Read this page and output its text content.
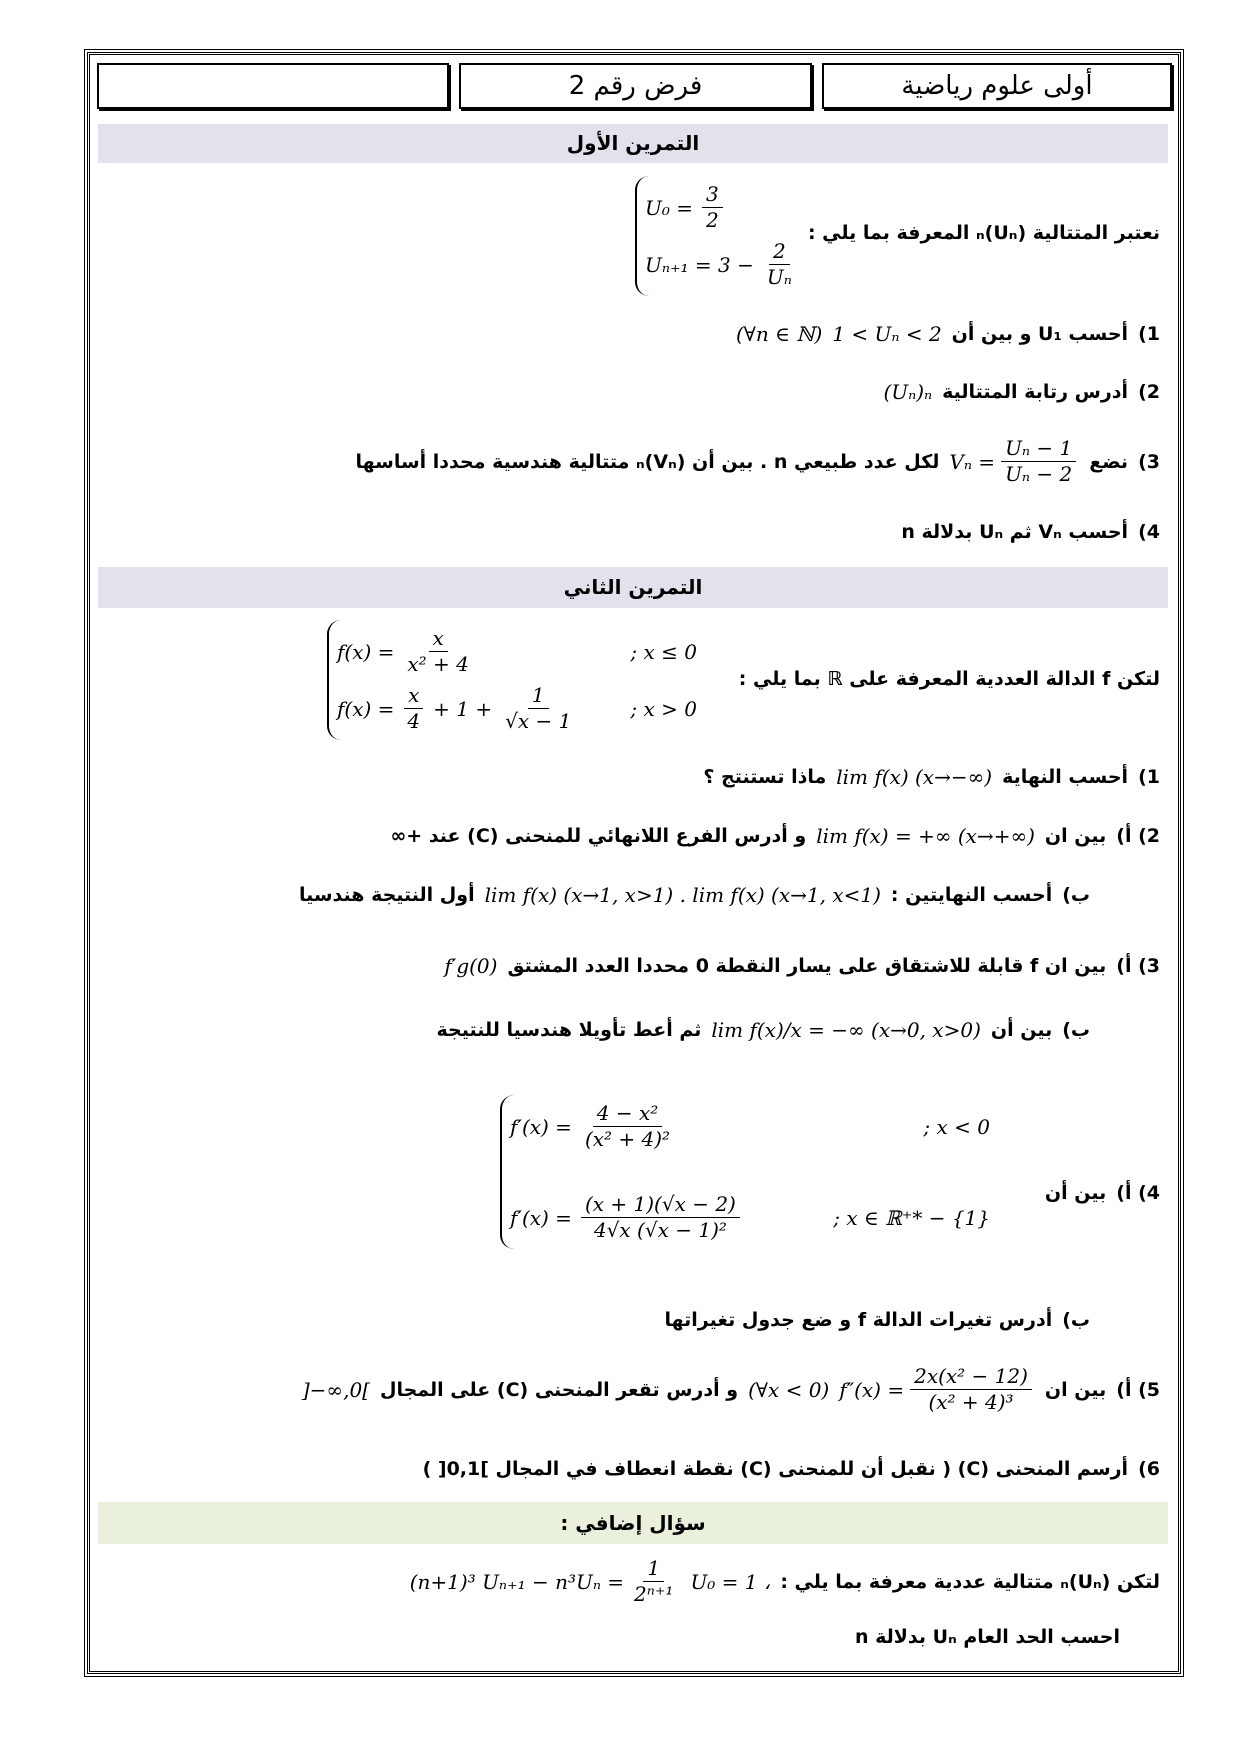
فرض رقم 2	أولى علوم رياضية
التمرين الأول
$U_0 = \frac{3}{2}$
$U_{n+1} = 3 - \frac{2}{\text{Uₙ}}$
نعتبر المتتالية (Uₙ)ₙ المعرفة بما يلي :
1)
أحسب U₁ و بين أن
1 < Uₙ < 2
(∀n ∈ ℕ)
2)
أدرس رتابة المتتالية
(Uₙ)ₙ
3)
نضع
$V_n = \frac{\text{Uₙ − 1}}{\text{Uₙ − 2}}$
لكل عدد طبيعي n . بين أن (Vₙ)ₙ متتالية هندسية محددا أساسها
4)
أحسب Vₙ ثم Uₙ بدلالة n
التمرين الثاني
$f(x) = \frac{x}{\text{x² + 4}}$	; x ≤ 0
$f(x) = \frac{x}{4} + 1 + \frac{1}{√x - 1}$	; x > 0
لتكن f الدالة العددية المعرفة على ℝ بما يلي :
1)
أحسب النهاية
lim f(x) (x→−∞)
ماذا تستنتج ؟
2) أ)
بين ان
lim f(x) = +∞ (x→+∞)
و أدرس الفرع اللانهائي للمنحنى (C) عند +∞
ب)
أحسب النهايتين :
lim f(x) (x→1, x>1) . lim f(x) (x→1, x<1)
أول النتيجة هندسيا
3) أ)
بين ان f قابلة للاشتقاق على يسار النقطة 0 محددا العدد المشتق
f′g(0)
ب)
بين أن
lim f(x)/x = −∞ (x→0, x>0)
ثم أعط تأويلا هندسيا للنتيجة
$f'(x) = \frac{\text{4 − x²}}{\text{(x² + 4)²}}$	; x < 0
$f'(x) = \frac{(x + 1)(√x - 2)}{\text{4√x (√x − 1)²}}$	; x ∈ ℝ⁺* − {1}
4) أ)
بين أن
ب)
أدرس تغيرات الدالة f و ضع جدول تغيراتها
5) أ)
بين ان
$f''(x) = \frac{\text{2x(x² − 12)}}{\text{(x² + 4)³}}$
(∀x < 0)
و أدرس تقعر المنحنى (C) على المجال
]−∞,0[
6)
أرسم المنحنى (C) ( نقبل أن للمنحنى (C) نقطة انعطاف في المجال ]0,1[ )
سؤال إضافي :
لتكن (Uₙ)ₙ متتالية عددية معرفة بما يلي :
U₀ = 1 ،
(n+1)³ $U_{n+1} - n^3U_n = \frac{1}{\text{2ⁿ⁺¹}}$
احسب الحد العام Uₙ بدلالة n
